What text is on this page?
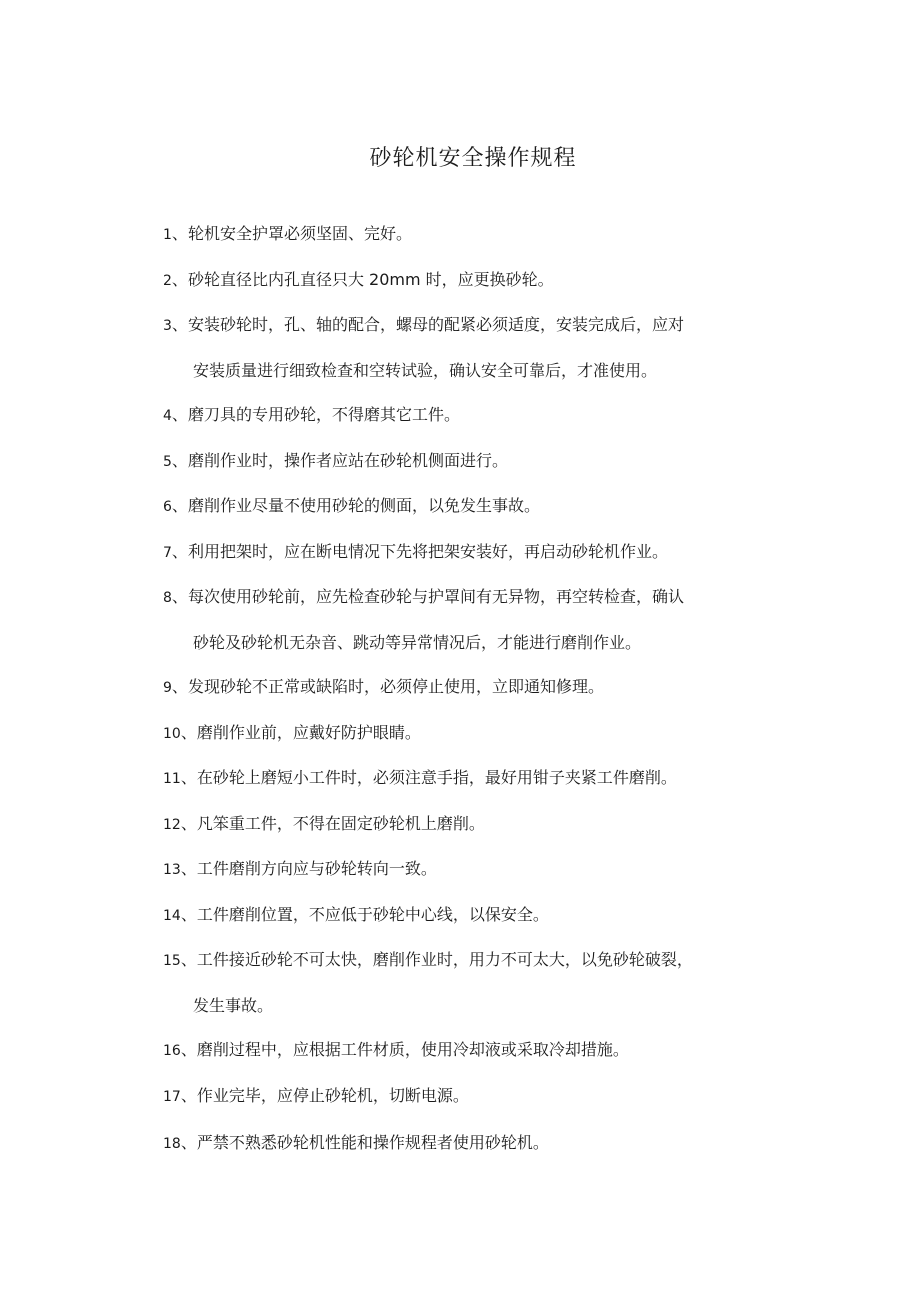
砂轮机安全操作规程
1、轮机安全护罩必须坚固、完好。
2、砂轮直径比内孔直径只大 20mm 时，应更换砂轮。
3、安装砂轮时，孔、轴的配合，螺母的配紧必须适度，安装完成后，应对
安装质量进行细致检查和空转试验，确认安全可靠后，才准使用。
4、磨刀具的专用砂轮，不得磨其它工件。
5、磨削作业时，操作者应站在砂轮机侧面进行。
6、磨削作业尽量不使用砂轮的侧面，以免发生事故。
7、利用把架时，应在断电情况下先将把架安装好，再启动砂轮机作业。
8、每次使用砂轮前，应先检查砂轮与护罩间有无异物，再空转检查，确认
砂轮及砂轮机无杂音、跳动等异常情况后，才能进行磨削作业。
9、发现砂轮不正常或缺陷时，必须停止使用，立即通知修理。
10、磨削作业前，应戴好防护眼睛。
11、在砂轮上磨短小工件时，必须注意手指，最好用钳子夹紧工件磨削。
12、凡笨重工件，不得在固定砂轮机上磨削。
13、工件磨削方向应与砂轮转向一致。
14、工件磨削位置，不应低于砂轮中心线，以保安全。
15、工件接近砂轮不可太快，磨削作业时，用力不可太大，以免砂轮破裂，
发生事故。
16、磨削过程中，应根据工件材质，使用冷却液或采取冷却措施。
17、作业完毕，应停止砂轮机，切断电源。
18、严禁不熟悉砂轮机性能和操作规程者使用砂轮机。
